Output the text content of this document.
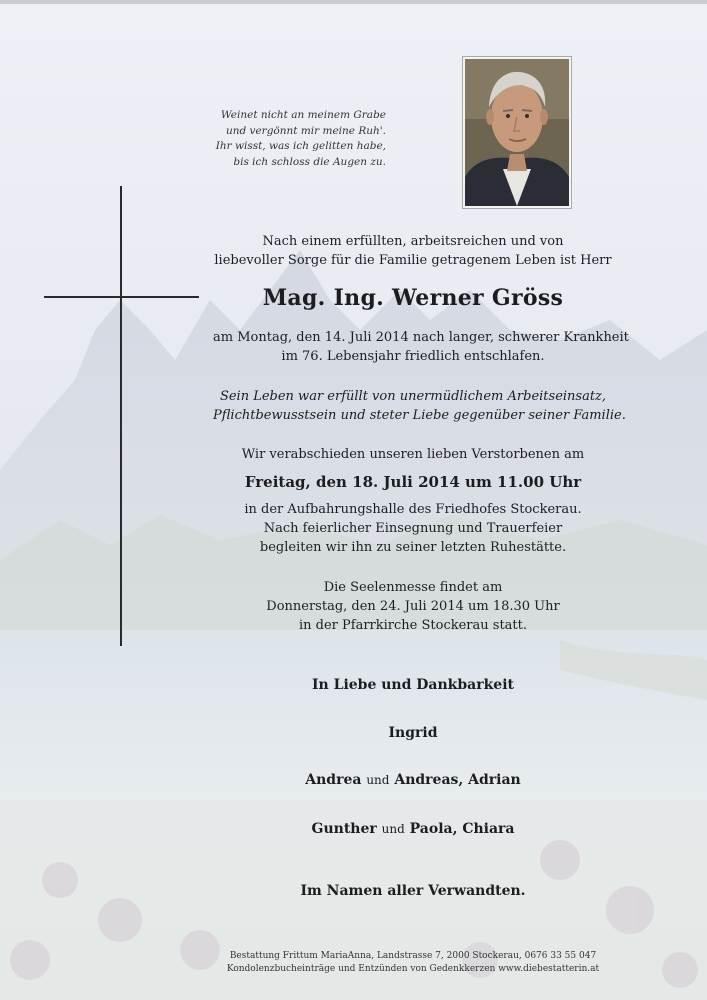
Weinet nicht an meinem Grabe
und vergönnt mir meine Ruh'.
Ihr wisst, was ich gelitten habe,
bis ich schloss die Augen zu.
Nach einem erfüllten, arbeitsreichen und von
liebevoller Sorge für die Familie getragenem Leben ist Herr
Mag. Ing. Werner Gröss
am Montag, den 14. Juli 2014 nach langer, schwerer Krankheit
im 76. Lebensjahr friedlich entschlafen.
Sein Leben war erfüllt von unermüdlichem Arbeitseinsatz,
Pflichtbewusstsein und steter Liebe gegenüber seiner Familie.
Wir verabschieden unseren lieben Verstorbenen am
Freitag, den 18. Juli 2014 um 11.00 Uhr
in der Aufbahrungshalle des Friedhofes Stockerau.
Nach feierlicher Einsegnung und Trauerfeier
begleiten wir ihn zu seiner letzten Ruhestätte.
Die Seelenmesse findet am
Donnerstag, den 24. Juli 2014 um 18.30 Uhr
in der Pfarrkirche Stockerau statt.
In Liebe und Dankbarkeit
Ingrid
Andrea und Andreas, Adrian
Gunther und Paola, Chiara
Im Namen aller Verwandten.
Bestattung Frittum MariaAnna, Landstrasse 7, 2000 Stockerau, 0676 33 55 047
Kondolenzbucheinträge und Entzünden von Gedenkkerzen www.diebestatterin.at
